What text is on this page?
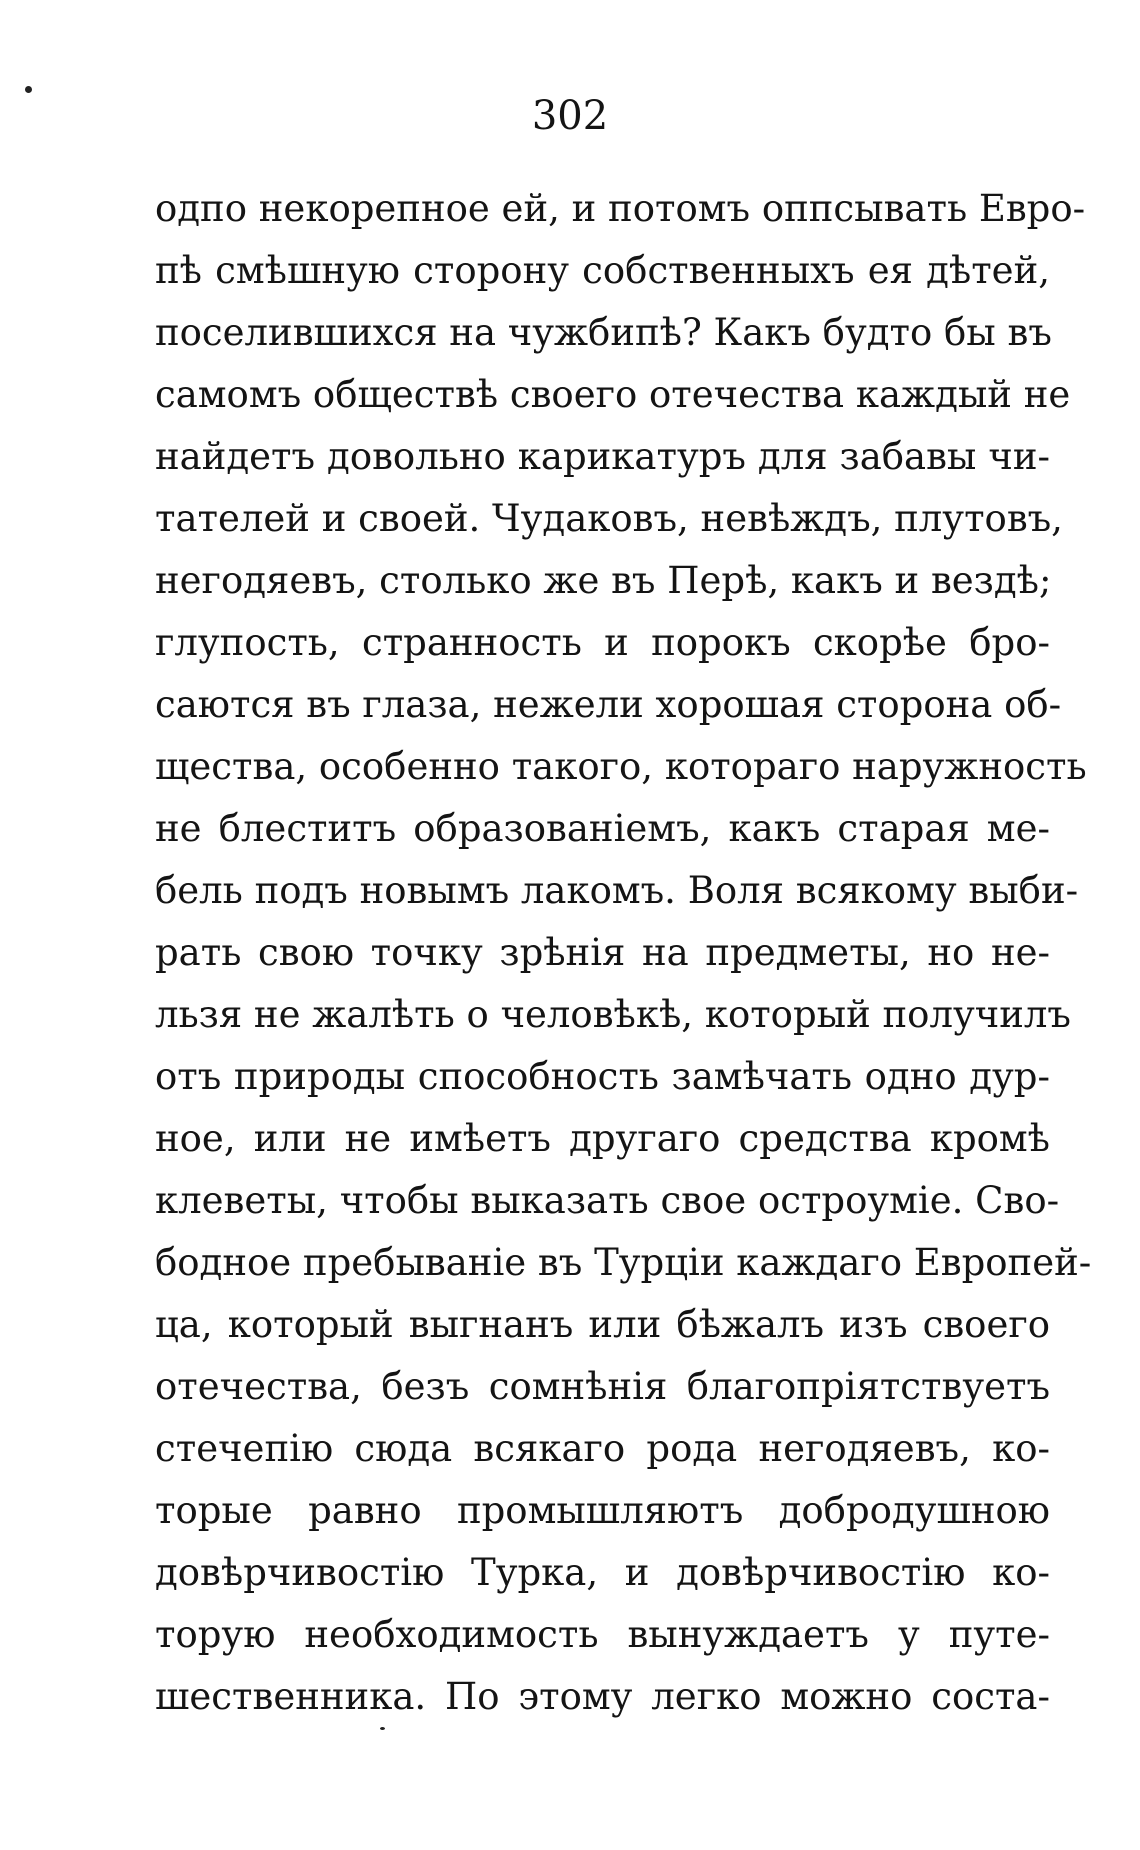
302
одпо некорепное ей, и потомъ оппсывать Евро-
пѣ смѣшную сторону собственныхъ ея дѣтей,
поселившихся на чужбипѣ? Какъ будто бы въ
самомъ обществѣ своего отечества каждый не
найдетъ довольно карикатуръ для забавы чи-
тателей и своей. Чудаковъ, невѣждъ, плутовъ,
негодяевъ, столько же въ Перѣ, какъ и вездѣ;
глупость, странность и порокъ скорѣе бро-
саются въ глаза, нежели хорошая сторона об-
щества, особенно такого, котораго наружность
не блеститъ образованіемъ, какъ старая ме-
бель подъ новымъ лакомъ. Воля всякому выби-
рать свою точку зрѣнія на предметы, но не-
льзя не жалѣть о человѣкѣ, который получилъ
отъ природы способность замѣчать одно дур-
ное, или не имѣетъ другаго средства кромѣ
клеветы, чтобы выказать свое остроуміе. Сво-
бодное пребываніе въ Турціи каждаго Европей-
ца, который выгнанъ или бѣжалъ изъ своего
отечества, безъ сомнѣнія благопріятствуетъ
стечепію сюда всякаго рода негодяевъ, ко-
торые равно промышляютъ добродушною
довѣрчивостію Турка, и довѣрчивостію ко-
торую необходимость вынуждаетъ у путе-
шественника. По этому легко можно соста-
